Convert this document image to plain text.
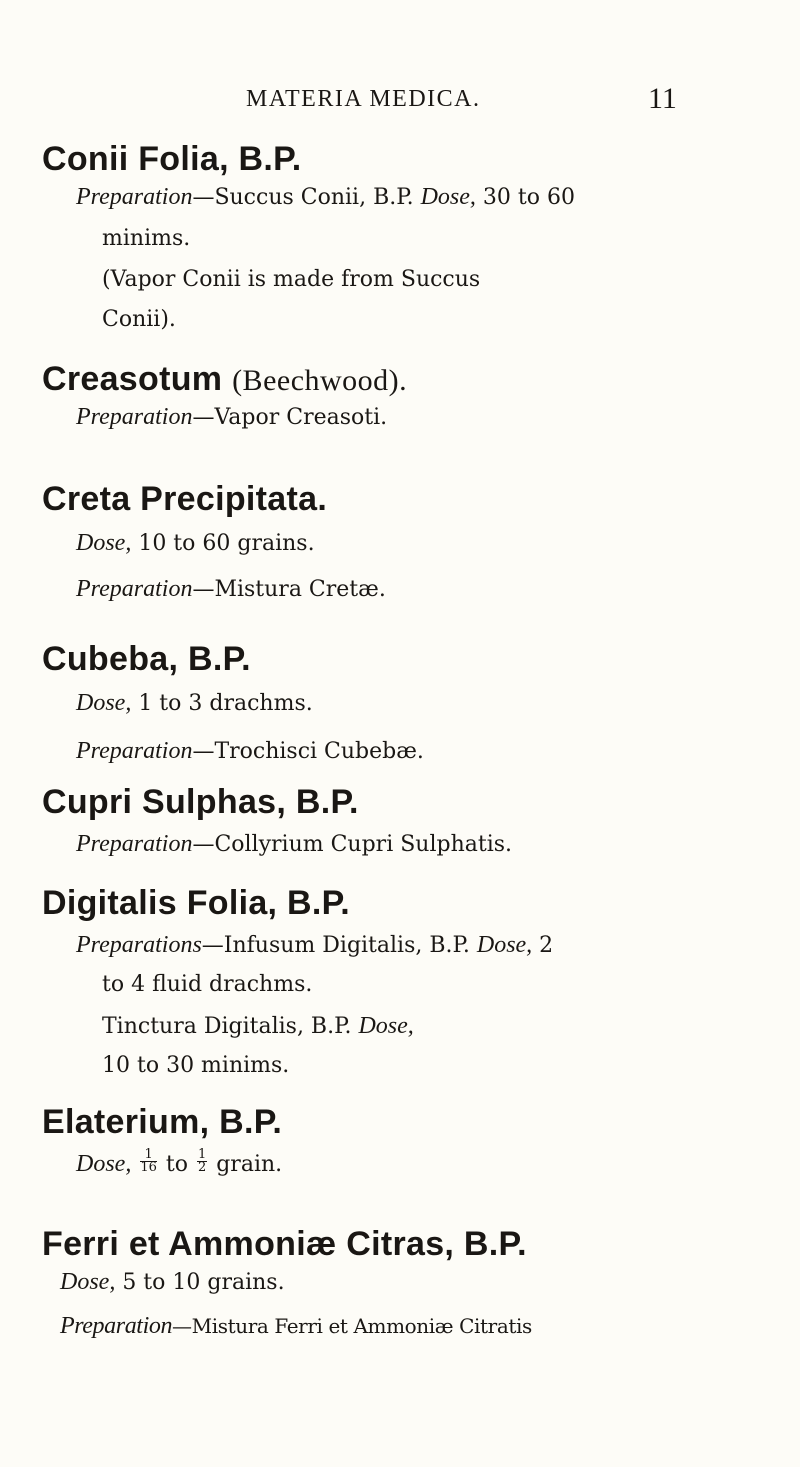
MATERIA MEDICA.	11
Conii Folia, B.P.
Preparation—Succus Conii, B.P. Dose, 30 to 60
minims.
(Vapor Conii is made from Succus
Conii).
Creasotum (Beechwood).
Preparation—Vapor Creasoti.
Creta Precipitata.
Dose, 10 to 60 grains.
Preparation—Mistura Cretæ.
Cubeba, B.P.
Dose, 1 to 3 drachms.
Preparation—Trochisci Cubebæ.
Cupri Sulphas, B.P.
Preparation—Collyrium Cupri Sulphatis.
Digitalis Folia, B.P.
Preparations—Infusum Digitalis, B.P. Dose, 2
to 4 fluid drachms.
Tinctura Digitalis, B.P. Dose,
10 to 30 minims.
Elaterium, B.P.
Dose, $\frac{1}{16}$ to $\frac{1}{2}$ grain.
Ferri et Ammoniæ Citras, B.P.
Dose, 5 to 10 grains.
Preparation—Mistura Ferri et Ammoniæ Citratis
